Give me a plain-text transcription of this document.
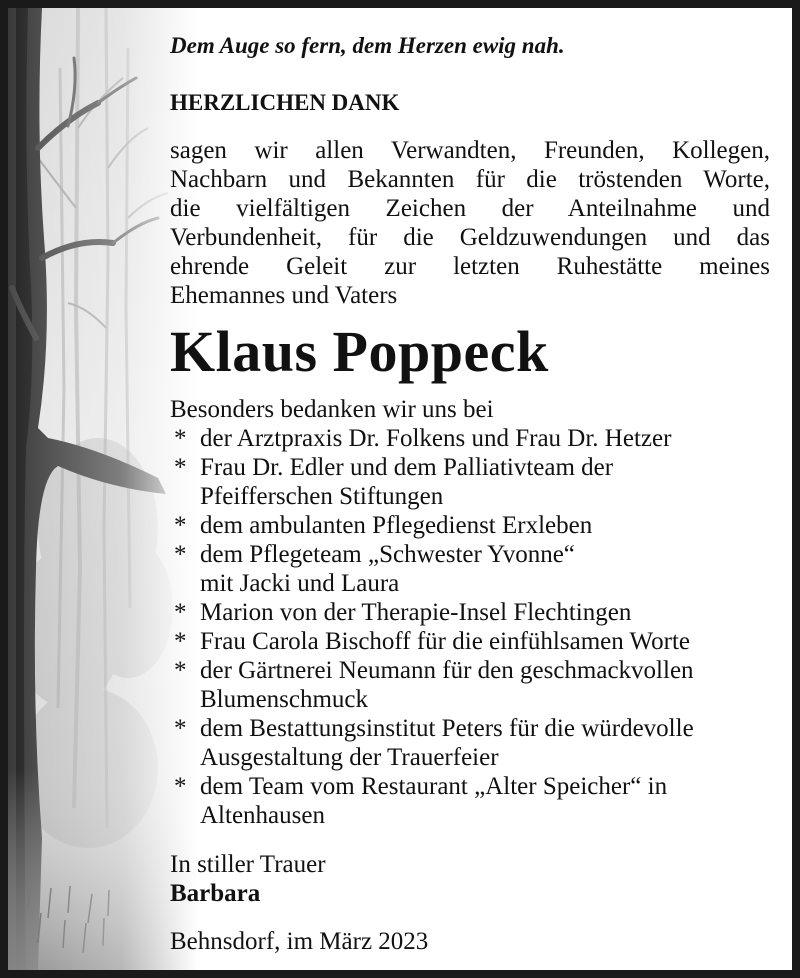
Dem Auge so fern, dem Herzen ewig nah.
HERZLICHEN DANK
sagen wir allen Verwandten, Freunden, Kollegen,
Nachbarn und Bekannten für die tröstenden Worte,
die vielfältigen Zeichen der Anteilnahme und
Verbundenheit, für die Geldzuwendungen und das
ehrende Geleit zur letzten Ruhestätte meines
Ehemannes und Vaters
Klaus Poppeck
Besonders bedanken wir uns bei
* der Arztpraxis Dr. Folkens und Frau Dr. Hetzer
* Frau Dr. Edler und dem Palliativteam der
Pfeifferschen Stiftungen
* dem ambulanten Pflegedienst Erxleben
* dem Pflegeteam „Schwester Yvonne“
mit Jacki und Laura
* Marion von der Therapie-Insel Flechtingen
* Frau Carola Bischoff für die einfühlsamen Worte
* der Gärtnerei Neumann für den geschmackvollen
Blumenschmuck
* dem Bestattungsinstitut Peters für die würdevolle
Ausgestaltung der Trauerfeier
* dem Team vom Restaurant „Alter Speicher“ in
Altenhausen
In stiller Trauer
Barbara
Behnsdorf, im März 2023
